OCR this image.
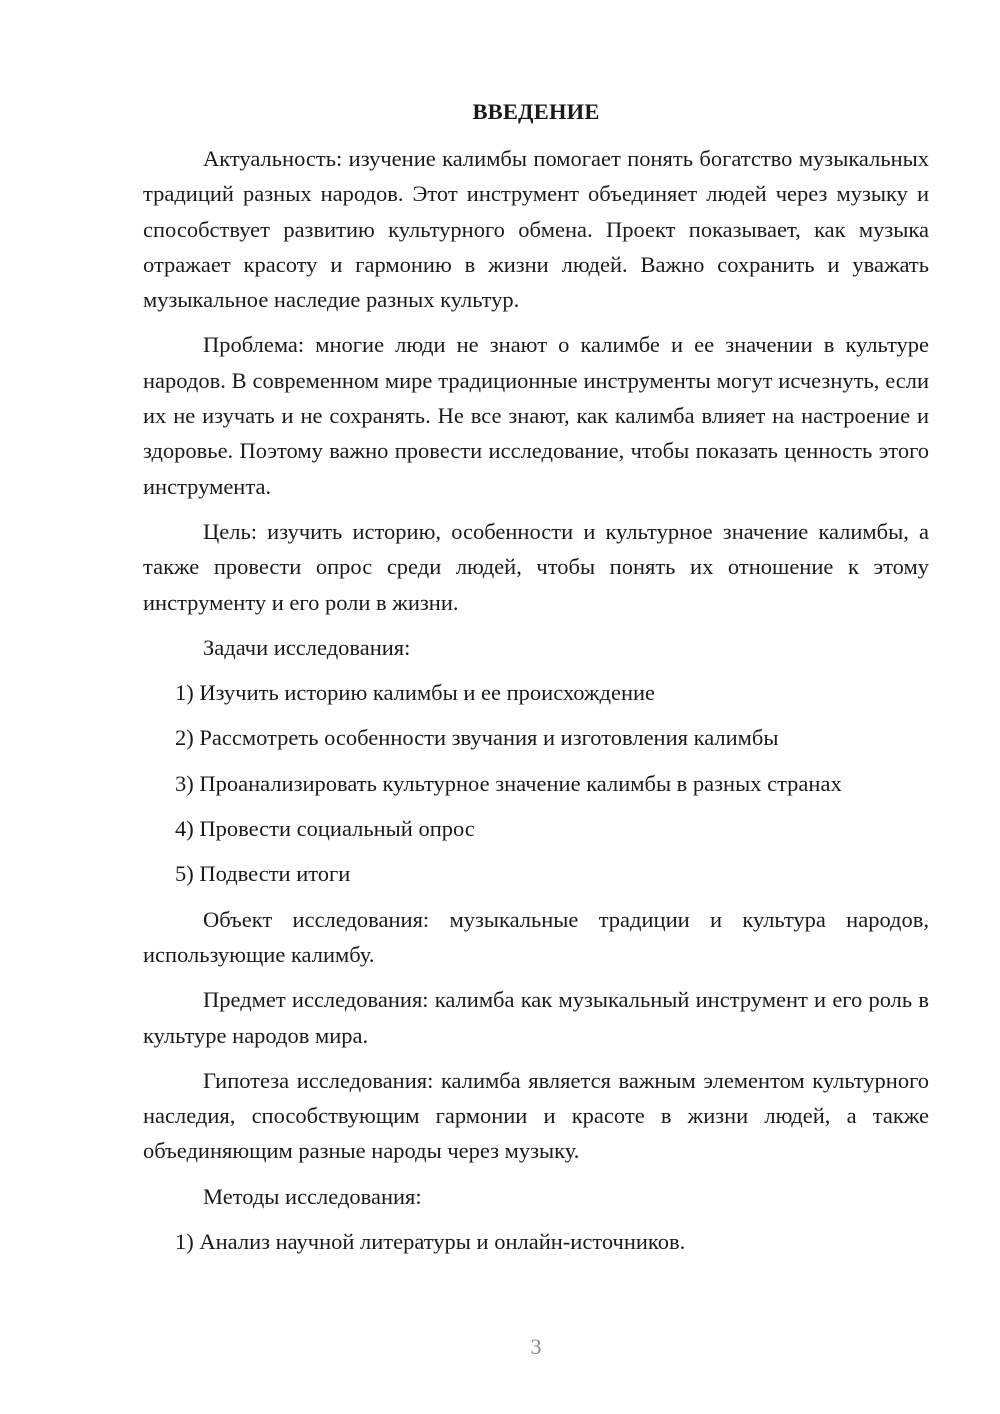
ВВЕДЕНИЕ

Актуальность: изучение калимбы помогает понять богатство музыкальных традиций разных народов. Этот инструмент объединяет людей через музыку и способствует развитию культурного обмена. Проект показывает, как музыка отражает красоту и гармонию в жизни людей. Важно сохранить и уважать музыкальное наследие разных культур.

Проблема: многие люди не знают о калимбе и ее значении в культуре народов. В современном мире традиционные инструменты могут исчезнуть, если их не изучать и не сохранять. Не все знают, как калимба влияет на настроение и здоровье. Поэтому важно провести исследование, чтобы показать ценность этого инструмента.

Цель: изучить историю, особенности и культурное значение калимбы, а также провести опрос среди людей, чтобы понять их отношение к этому инструменту и его роли в жизни.

Задачи исследования:

1) Изучить историю калимбы и ее происхождение
2) Рассмотреть особенности звучания и изготовления калимбы
3) Проанализировать культурное значение калимбы в разных странах
4) Провести социальный опрос
5) Подвести итоги

Объект исследования: музыкальные традиции и культура народов, использующие калимбу.

Предмет исследования: калимба как музыкальный инструмент и его роль в культуре народов мира.

Гипотеза исследования: калимба является важным элементом культурного наследия, способствующим гармонии и красоте в жизни людей, а также объединяющим разные народы через музыку.

Методы исследования:

1) Анализ научной литературы и онлайн-источников.
3
